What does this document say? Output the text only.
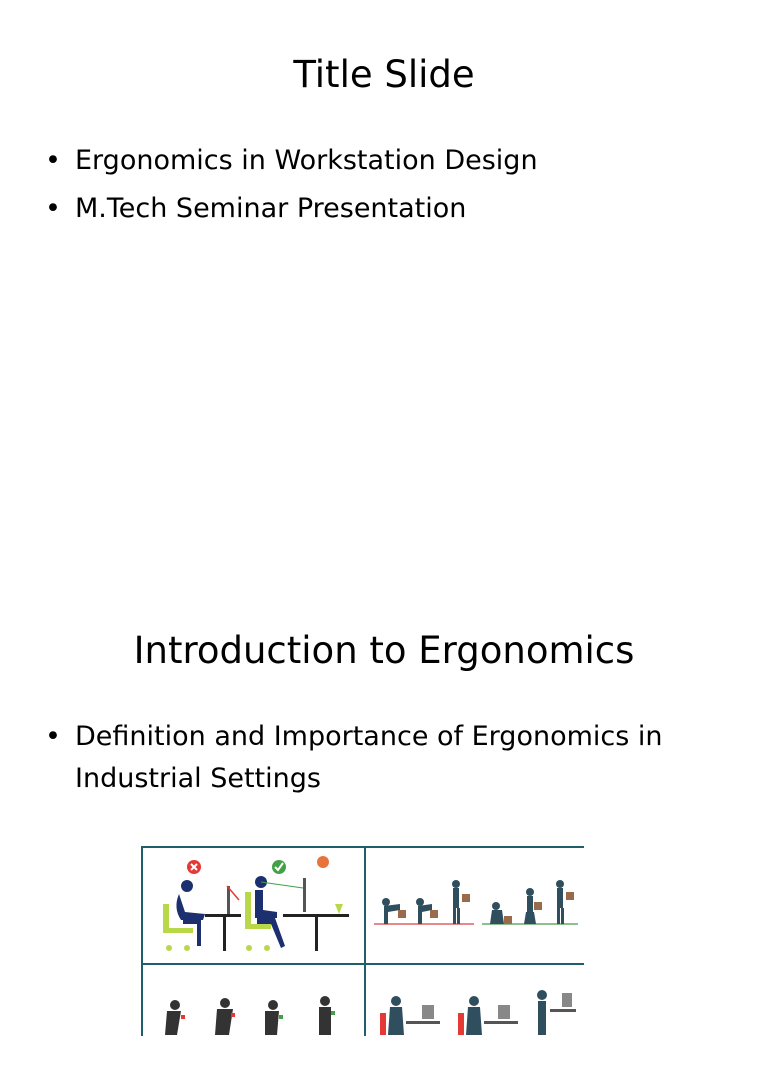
Title Slide
• Ergonomics in Workstation Design
• M.Tech Seminar Presentation
Introduction to Ergonomics
• Definition and Importance of Ergonomics in Industrial Settings
